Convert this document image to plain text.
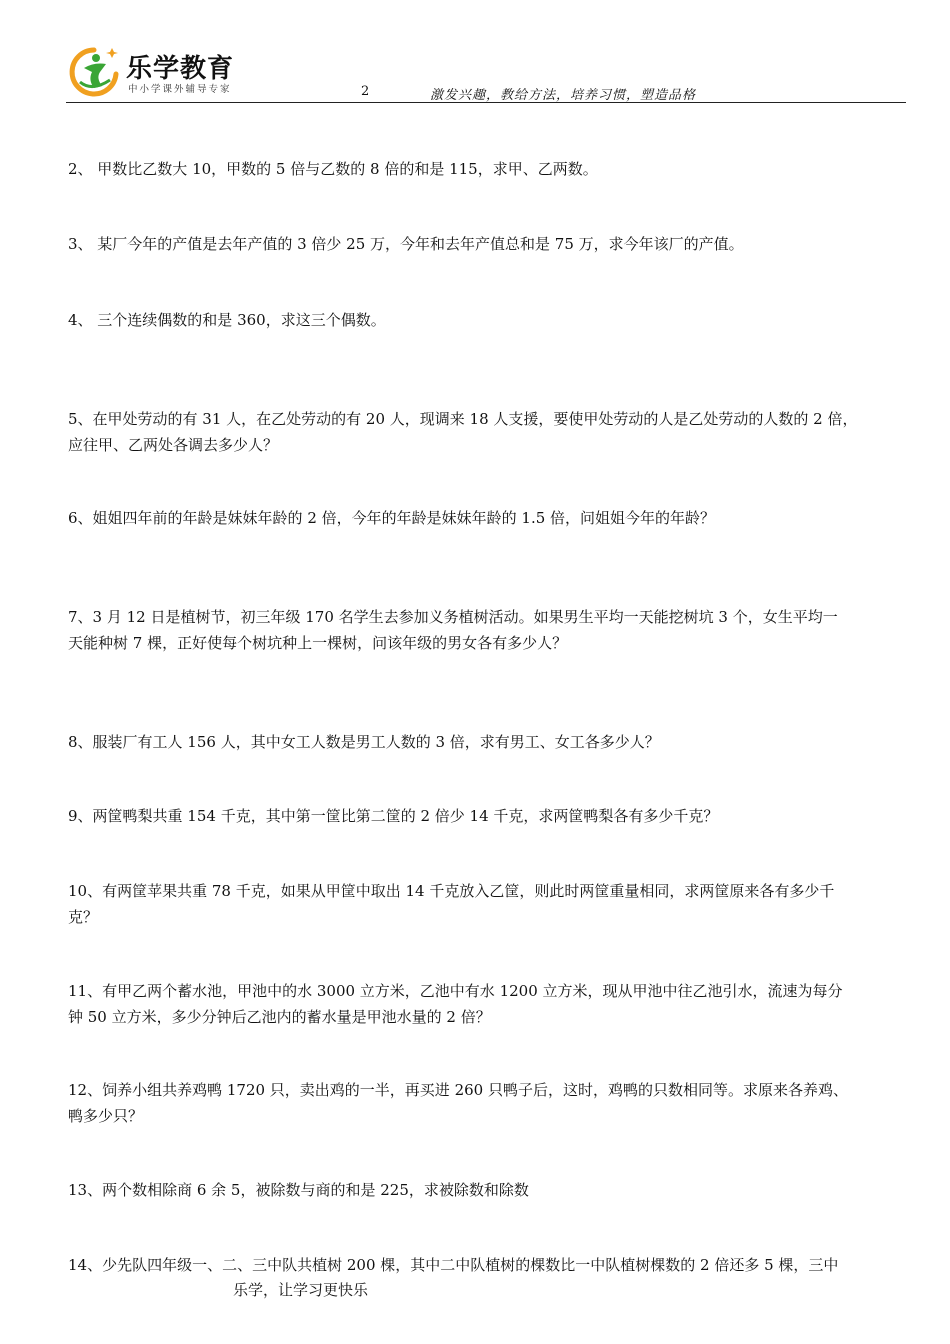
乐学教育
中小学课外辅导专家	2	激发兴趣，教给方法，培养习惯，塑造品格
2、 甲数比乙数大 10，甲数的 5 倍与乙数的 8 倍的和是 115，求甲、乙两数。
3、 某厂今年的产值是去年产值的 3 倍少 25 万，今年和去年产值总和是 75 万，求今年该厂的产值。
4、 三个连续偶数的和是 360，求这三个偶数。
5、在甲处劳动的有 31 人，在乙处劳动的有 20 人，现调来 18 人支援，要使甲处劳动的人是乙处劳动的人数的 2 倍，
应往甲、乙两处各调去多少人？
6、姐姐四年前的年龄是妹妹年龄的 2 倍，今年的年龄是妹妹年龄的 1.5 倍，问姐姐今年的年龄？
7、3 月 12 日是植树节，初三年级 170 名学生去参加义务植树活动。如果男生平均一天能挖树坑 3 个，女生平均一
天能种树 7 棵，正好使每个树坑种上一棵树，问该年级的男女各有多少人？
8、服装厂有工人 156 人，其中女工人数是男工人数的 3 倍，求有男工、女工各多少人？
9、两筐鸭梨共重 154 千克，其中第一筐比第二筐的 2 倍少 14 千克，求两筐鸭梨各有多少千克？
10、有两筐苹果共重 78 千克，如果从甲筐中取出 14 千克放入乙筐，则此时两筐重量相同，求两筐原来各有多少千
克？
11、有甲乙两个蓄水池，甲池中的水 3000 立方米，乙池中有水 1200 立方米，现从甲池中往乙池引水，流速为每分
钟 50 立方米，多少分钟后乙池内的蓄水量是甲池水量的 2 倍？
12、饲养小组共养鸡鸭 1720 只，卖出鸡的一半，再买进 260 只鸭子后，这时，鸡鸭的只数相同等。求原来各养鸡、
鸭多少只？
13、两个数相除商 6 余 5，被除数与商的和是 225，求被除数和除数
14、少先队四年级一、二、三中队共植树 200 棵，其中二中队植树的棵数比一中队植树棵数的 2 倍还多 5 棵，三中
乐学，让学习更快乐
